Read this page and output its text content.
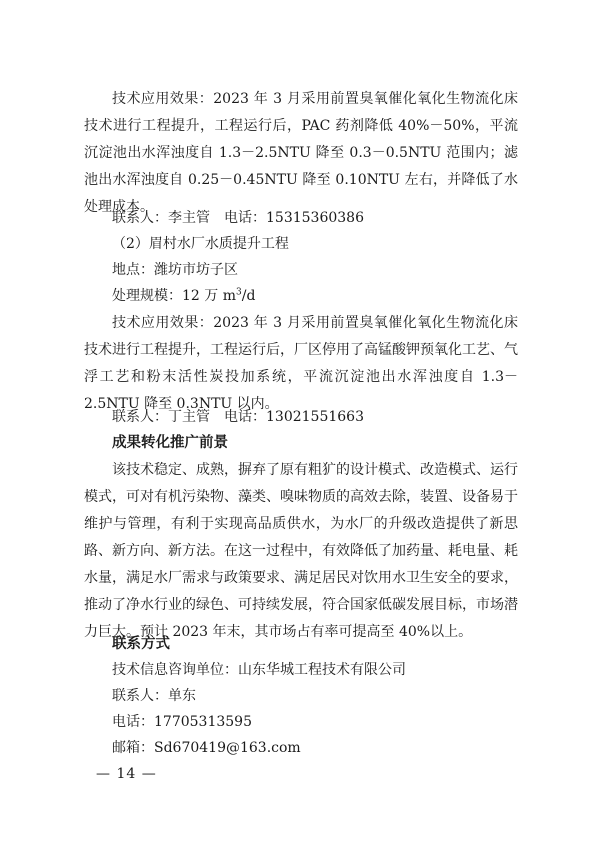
技术应用效果：2023 年 3 月采用前置臭氧催化氧化生物流化床技术进行工程提升，工程运行后，PAC 药剂降低 40%－50%，平流沉淀池出水浑浊度自 1.3－2.5NTU 降至 0.3－0.5NTU 范围内；滤池出水浑浊度自 0.25－0.45NTU 降至 0.10NTU 左右，并降低了水处理成本。

联系人：李主管　电话：15315360386

（2）眉村水厂水质提升工程

地点：潍坊市坊子区

处理规模：12 万 $m^3/d$

技术应用效果：2023 年 3 月采用前置臭氧催化氧化生物流化床技术进行工程提升，工程运行后，厂区停用了高锰酸钾预氧化工艺、气浮工艺和粉末活性炭投加系统，平流沉淀池出水浑浊度自 1.3－2.5NTU 降至 0.3NTU 以内。

联系人：丁主管　电话：13021551663

成果转化推广前景

该技术稳定、成熟，摒弃了原有粗犷的设计模式、改造模式、运行模式，可对有机污染物、藻类、嗅味物质的高效去除，装置、设备易于维护与管理，有利于实现高品质供水，为水厂的升级改造提供了新思路、新方向、新方法。在这一过程中，有效降低了加药量、耗电量、耗水量，满足水厂需求与政策要求、满足居民对饮用水卫生安全的要求，推动了净水行业的绿色、可持续发展，符合国家低碳发展目标，市场潜力巨大。预计 2023 年末，其市场占有率可提高至 40%以上。

联系方式

技术信息咨询单位：山东华城工程技术有限公司

联系人：单东

电话：17705313595

邮箱：Sd670419@163.com

— 14 —
